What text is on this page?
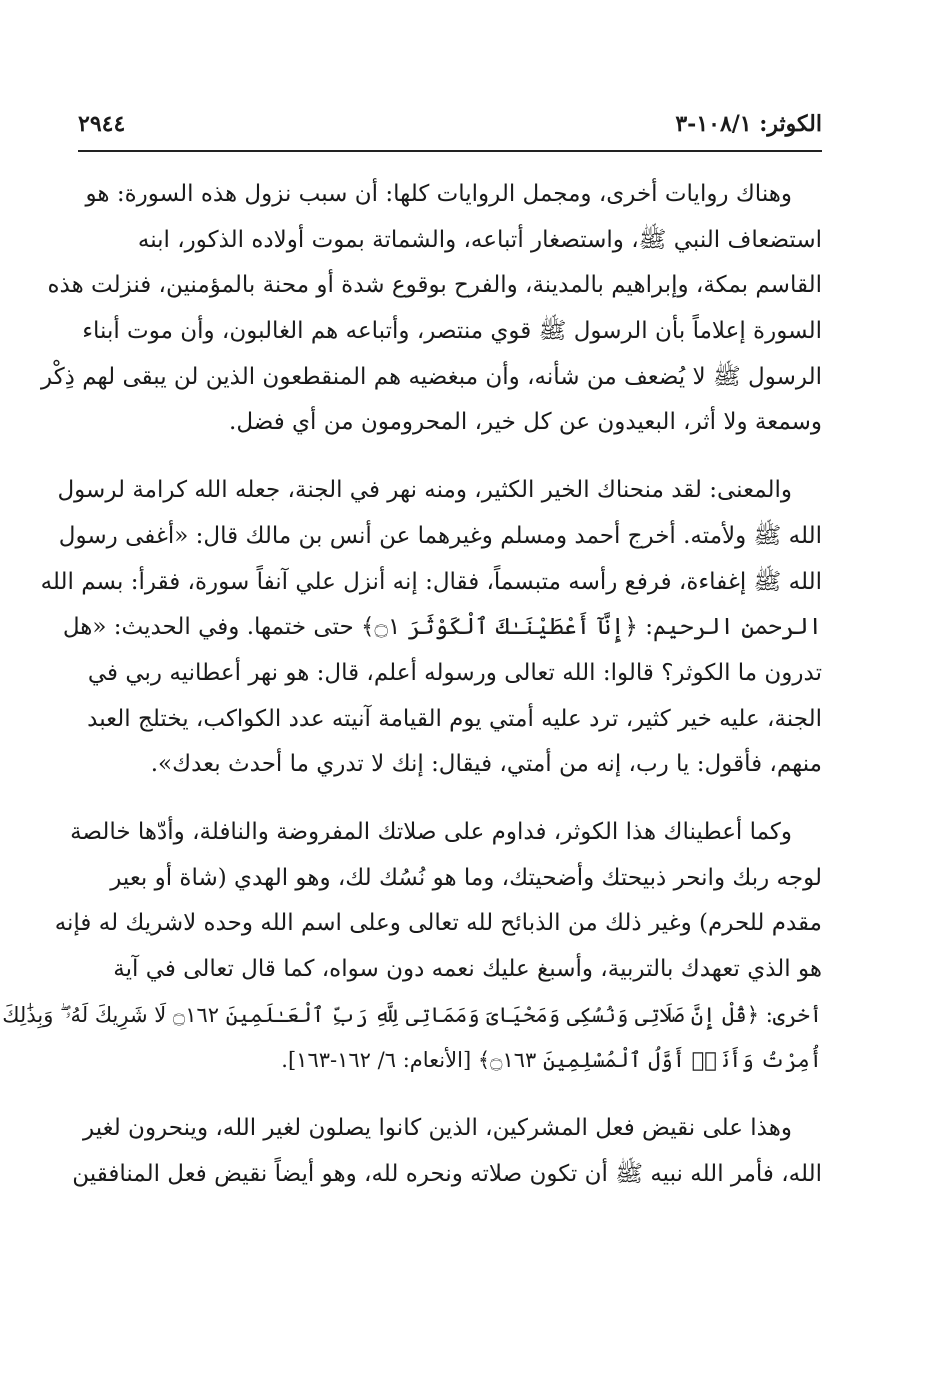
الكوثر: ١٠٨/١-٣
٢٩٤٤
وهناك روايات أخرى، ومجمل الروايات كلها: أن سبب نزول هذه السورة: هو
استضعاف النبي ﷺ، واستصغار أتباعه، والشماتة بموت أولاده الذكور، ابنه
القاسم بمكة، وإبراهيم بالمدينة، والفرح بوقوع شدة أو محنة بالمؤمنين، فنزلت هذه
السورة إعلاماً بأن الرسول ﷺ قوي منتصر، وأتباعه هم الغالبون، وأن موت أبناء
الرسول ﷺ لا يُضعف من شأنه، وأن مبغضيه هم المنقطعون الذين لن يبقى لهم ذِكْر
وسمعة ولا أثر، البعيدون عن كل خير، المحرومون من أي فضل.
والمعنى: لقد منحناك الخير الكثير، ومنه نهر في الجنة، جعله الله كرامة لرسول
الله ﷺ ولأمته. أخرج أحمد ومسلم وغيرهما عن أنس بن مالك قال: «أغفى رسول
الله ﷺ إغفاءة، فرفع رأسه متبسماً، فقال: إنه أنزل علي آنفاً سورة، فقرأ: بسم الله
الرحمن الرحيم: ﴿إِنَّآ أَعْطَيْنَـٰكَ ٱلْكَوْثَرَ ۝١﴾ حتى ختمها. وفي الحديث: «هل
تدرون ما الكوثر؟ قالوا: الله تعالى ورسوله أعلم، قال: هو نهر أعطانيه ربي في
الجنة، عليه خير كثير، ترد عليه أمتي يوم القيامة آنيته عدد الكواكب، يختلج العبد
منهم، فأقول: يا رب، إنه من أمتي، فيقال: إنك لا تدري ما أحدث بعدك».
وكما أعطيناك هذا الكوثر، فداوم على صلاتك المفروضة والنافلة، وأدّها خالصة
لوجه ربك وانحر ذبيحتك وأضحيتك، وما هو نُسُك لك، وهو الهدي (شاة أو بعير
مقدم للحرم) وغير ذلك من الذبائح لله تعالى وعلى اسم الله وحده لاشريك له فإنه
هو الذي تعهدك بالتربية، وأسبغ عليك نعمه دون سواه، كما قال تعالى في آية
أخرى: ﴿قُلْ إِنَّ صَلَاتِى وَنُسُكِى وَمَحْيَاىَ وَمَمَاتِى لِلَّهِ رَبِّ ٱلْعَـٰلَمِينَ ۝١٦٢ لَا شَرِيكَ لَهُۥ ۖ وَبِذَٰلِكَ
أُمِرْتُ وَأَنَا۠ أَوَّلُ ٱلْمُسْلِمِينَ ۝١٦٣﴾ [الأنعام: ٦/ ١٦٢-١٦٣].
وهذا على نقيض فعل المشركين، الذين كانوا يصلون لغير الله، وينحرون لغير
الله، فأمر الله نبيه ﷺ أن تكون صلاته ونحره لله، وهو أيضاً نقيض فعل المنافقين
